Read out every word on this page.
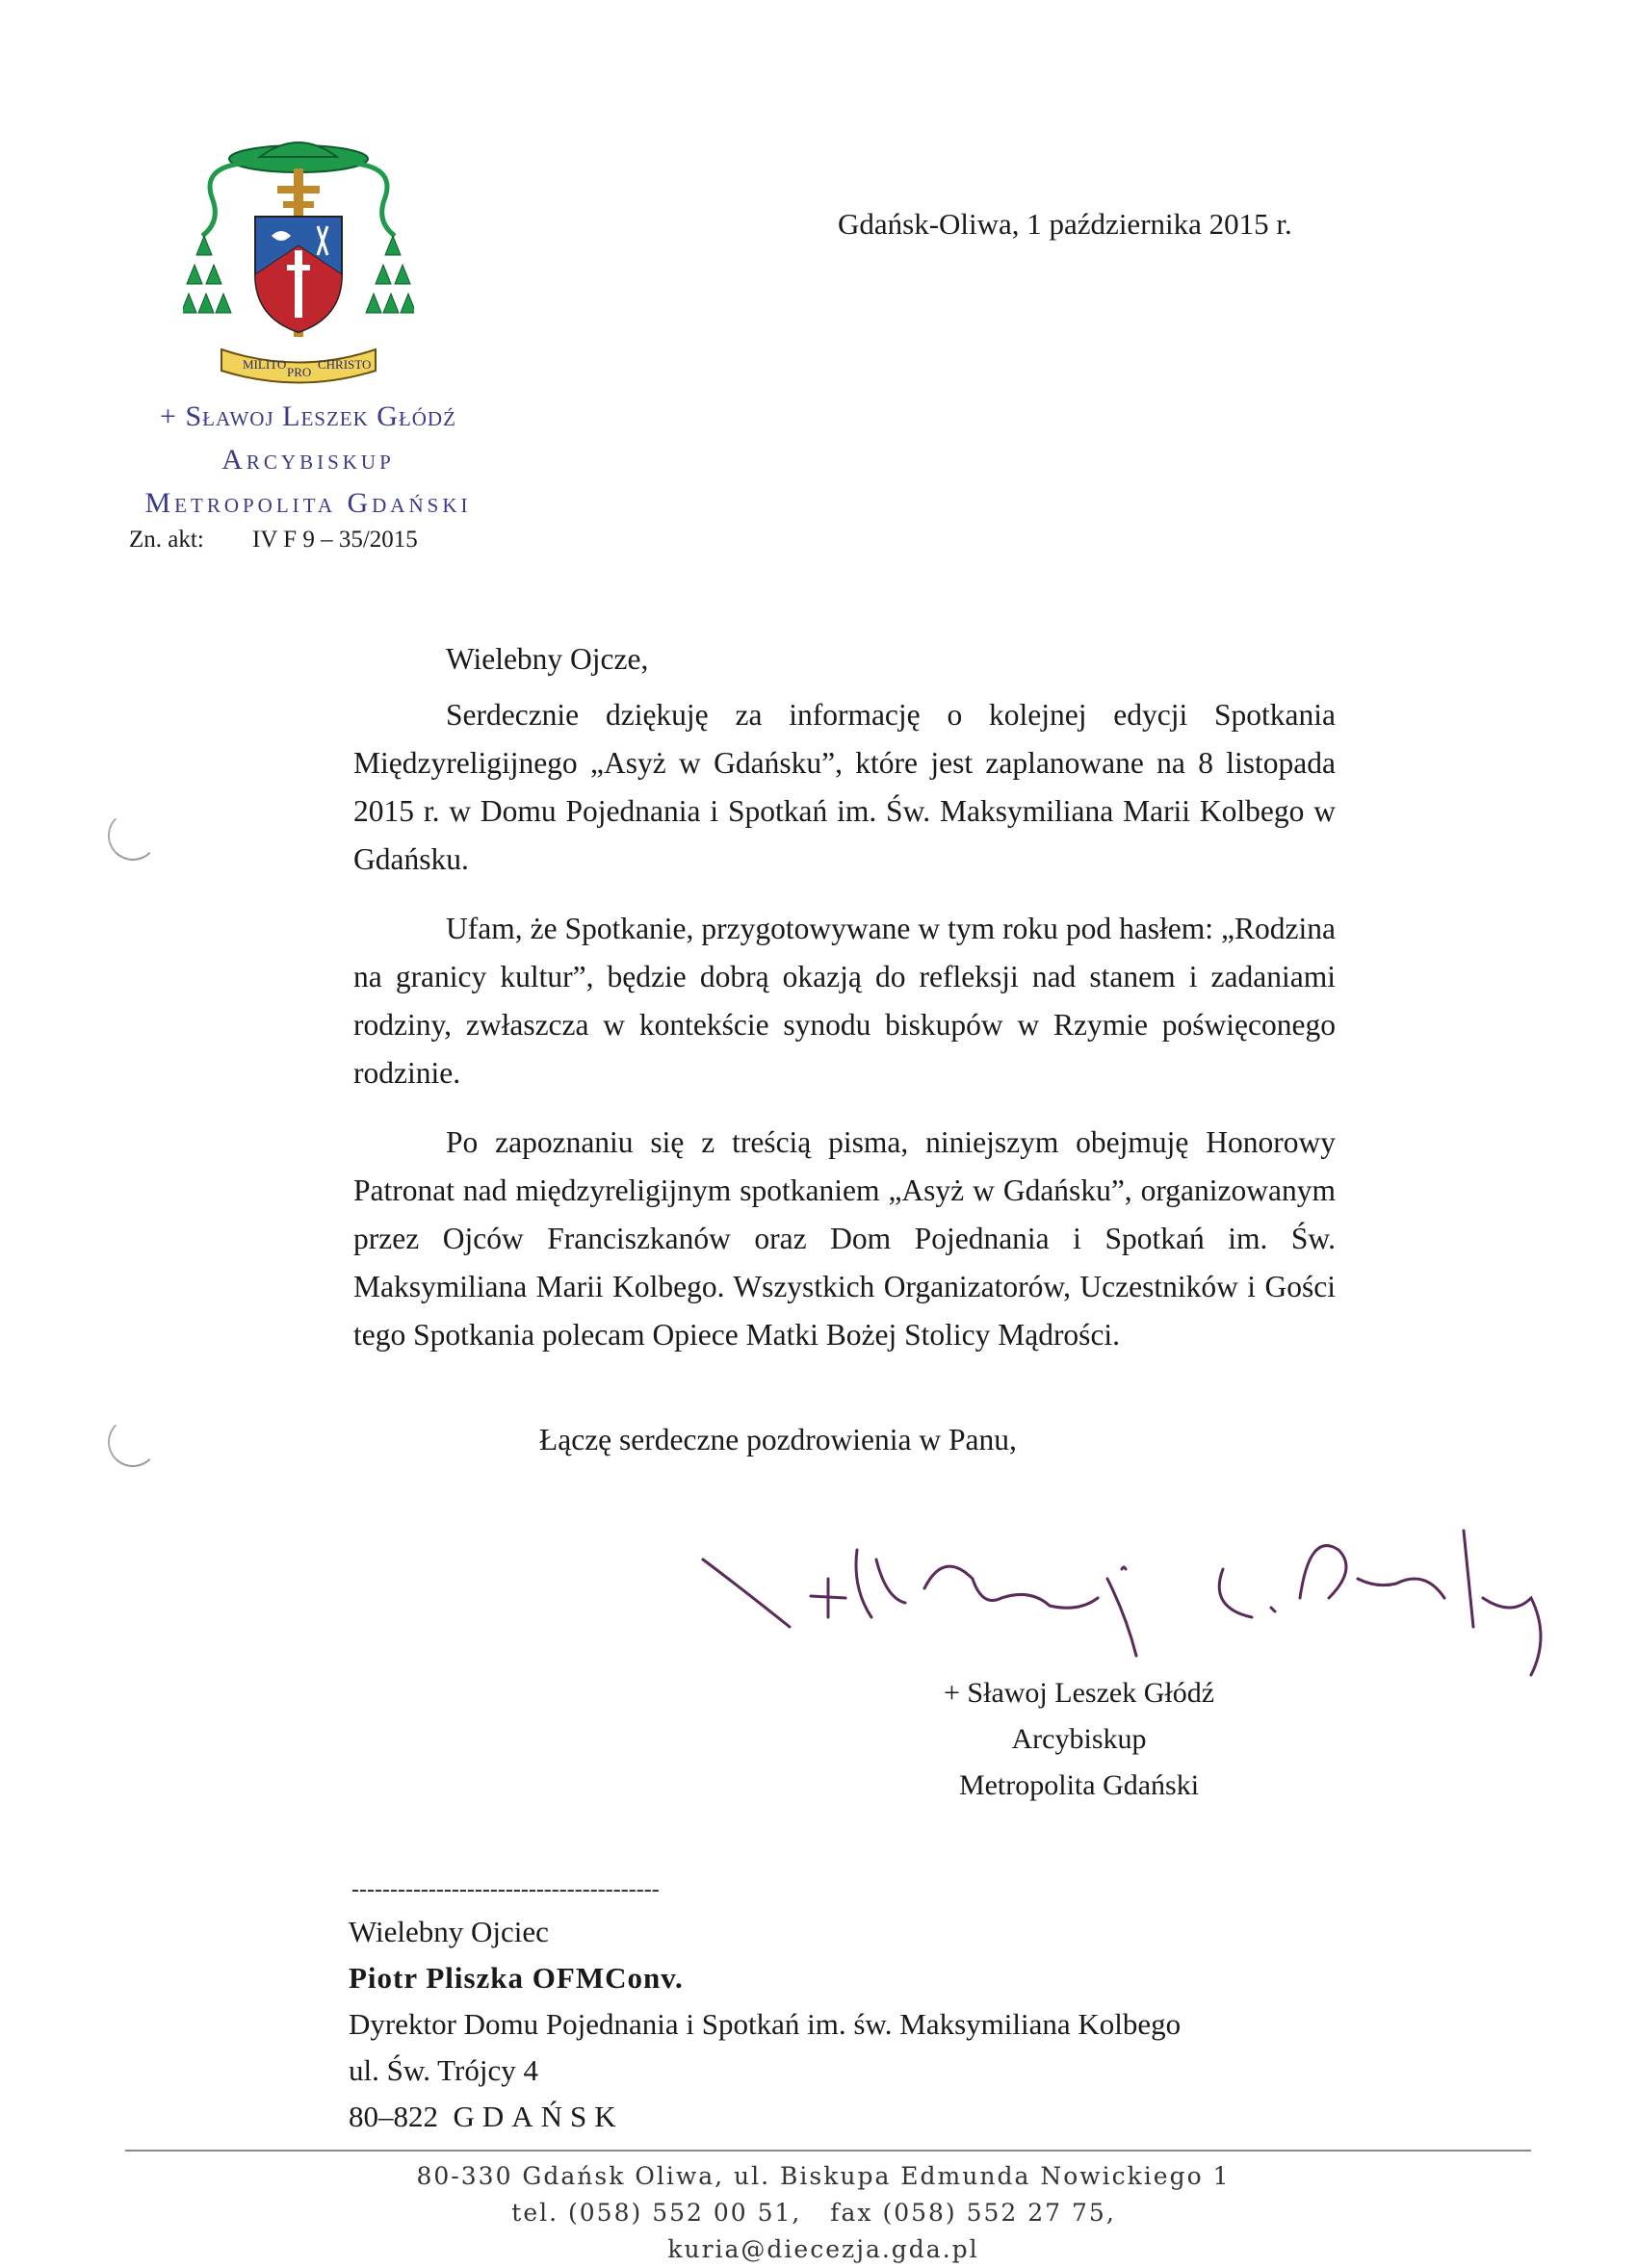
MILITO
PRO
CHRISTO
+ Sławoj Leszek Głódź
Arcybiskup
Metropolita Gdański
Zn. akt: IV F 9 – 35/2015
Gdańsk-Oliwa, 1 października 2015 r.

Wielebny Ojcze,

Serdecznie dziękuję za informację o kolejnej edycji Spotkania Międzyreligijnego „Asyż w Gdańsku”, które jest zaplanowane na 8 listopada 2015 r. w Domu Pojednania i Spotkań im. Św. Maksymiliana Marii Kolbego w Gdańsku.

Ufam, że Spotkanie, przygotowywane w tym roku pod hasłem: „Rodzina na granicy kultur”, będzie dobrą okazją do refleksji nad stanem i zadaniami rodziny, zwłaszcza w kontekście synodu biskupów w Rzymie poświęconego rodzinie.

Po zapoznaniu się z treścią pisma, niniejszym obejmuję Honorowy Patronat nad międzyreligijnym spotkaniem „Asyż w Gdańsku”, organizowanym przez Ojców Franciszkanów oraz Dom Pojednania i Spotkań im. Św. Maksymiliana Marii Kolbego. Wszystkich Organizatorów, Uczestników i Gości tego Spotkania polecam Opiece Matki Bożej Stolicy Mądrości.

Łączę serdeczne pozdrowienia w Panu,
+ Sławoj Leszek Głódź
Arcybiskup
Metropolita Gdański
----------------------------------------
Wielebny Ojciec
Piotr Pliszka OFMConv.
Dyrektor Domu Pojednania i Spotkań im. św. Maksymiliana Kolbego
ul. Św. Trójcy 4
80–822 GDAŃSK
80-330 Gdańsk Oliwa, ul. Biskupa Edmunda Nowickiego 1
tel. (058) 552 00 51, fax (058) 552 27 75,   kuria@diecezja.gda.pl
